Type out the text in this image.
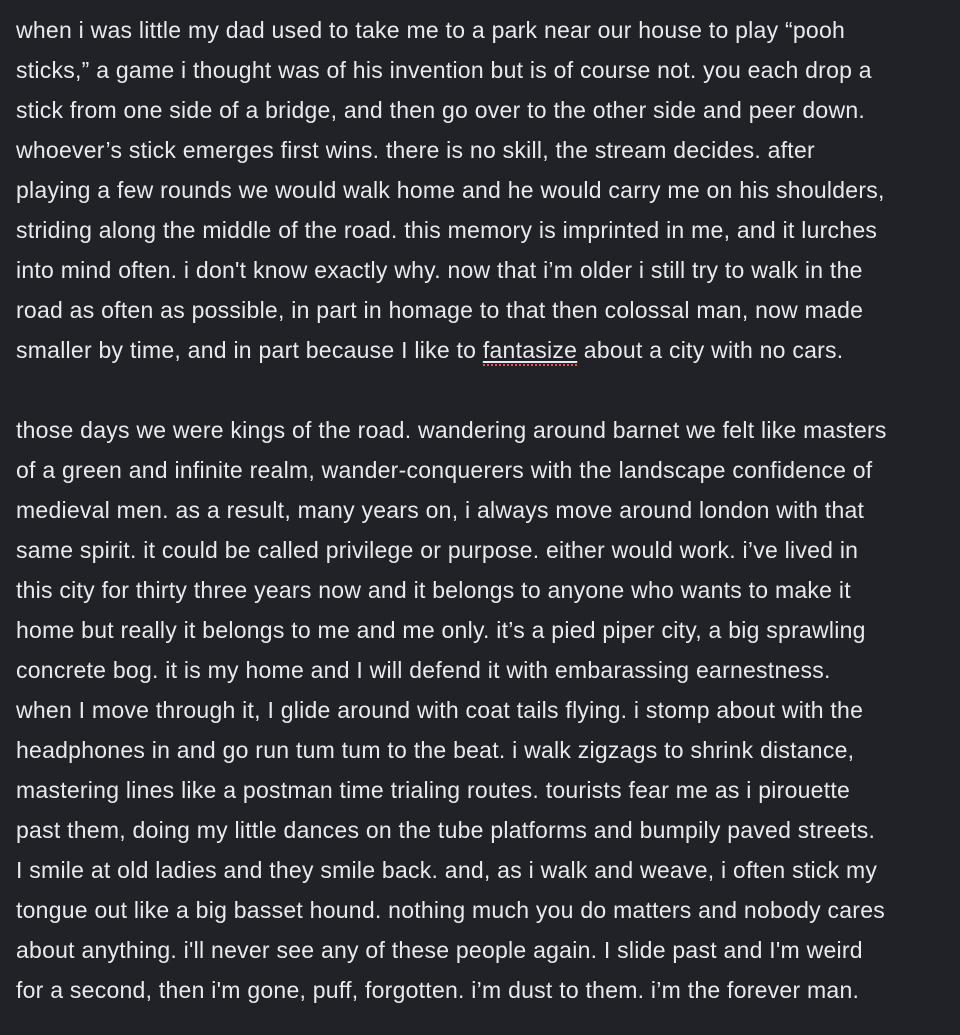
when i was little my dad used to take me to a park near our house to play “pooh
sticks,” a game i thought was of his invention but is of course not. you each drop a
stick from one side of a bridge, and then go over to the other side and peer down.
whoever’s stick emerges first wins. there is no skill, the stream decides. after
playing a few rounds we would walk home and he would carry me on his shoulders,
striding along the middle of the road. this memory is imprinted in me, and it lurches
into mind often. i don't know exactly why. now that i’m older i still try to walk in the
road as often as possible, in part in homage to that then colossal man, now made
smaller by time, and in part because I like to fantasize about a city with no cars.

those days we were kings of the road. wandering around barnet we felt like masters
of a green and infinite realm, wander-conquerers with the landscape confidence of
medieval men. as a result, many years on, i always move around london with that
same spirit. it could be called privilege or purpose. either would work. i’ve lived in
this city for thirty three years now and it belongs to anyone who wants to make it
home but really it belongs to me and me only. it’s a pied piper city, a big sprawling
concrete bog. it is my home and I will defend it with embarassing earnestness.
when I move through it, I glide around with coat tails flying. i stomp about with the
headphones in and go run tum tum to the beat. i walk zigzags to shrink distance,
mastering lines like a postman time trialing routes. tourists fear me as i pirouette
past them, doing my little dances on the tube platforms and bumpily paved streets.
I smile at old ladies and they smile back. and, as i walk and weave, i often stick my
tongue out like a big basset hound. nothing much you do matters and nobody cares
about anything. i'll never see any of these people again. I slide past and I'm weird
for a second, then i'm gone, puff, forgotten. i’m dust to them. i’m the forever man.
